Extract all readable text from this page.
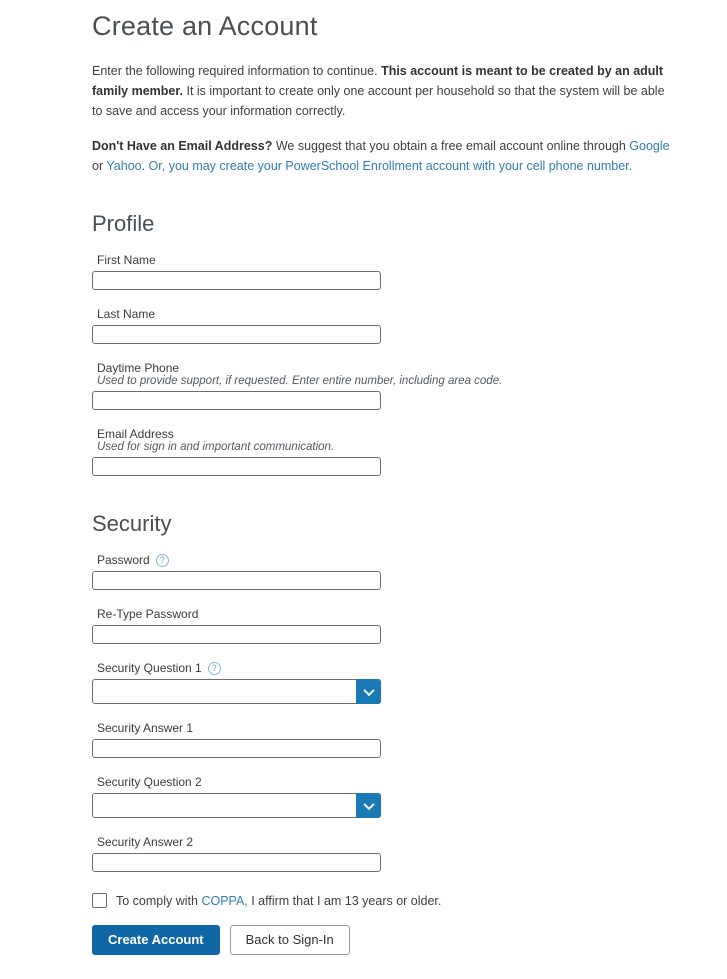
Create an Account

Enter the following required information to continue. This account is meant to be created by an adult family member. It is important to create only one account per household so that the system will be able to save and access your information correctly.

Don't Have an Email Address? We suggest that you obtain a free email account online through Google or Yahoo. Or, you may create your PowerSchool Enrollment account with your cell phone number.

Profile
First Name
Last Name
Daytime Phone
Used to provide support, if requested. Enter entire number, including area code.
Email Address
Used for sign in and important communication.
Security
Password	?
Re-Type Password
Security Question 1	?
Security Answer 1
Security Question 2
Security Answer 2
To comply with COPPA, I affirm that I am 13 years or older.
Create Account	Back to Sign-In
